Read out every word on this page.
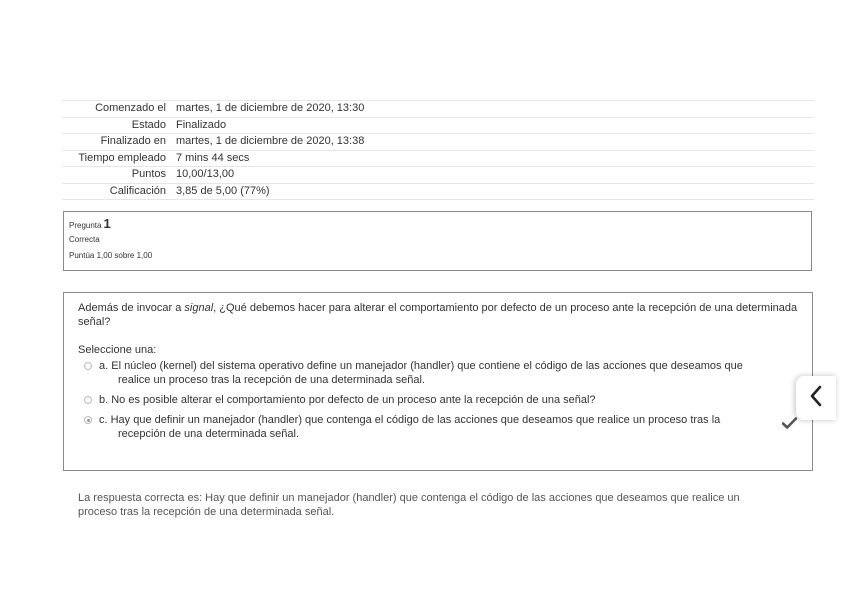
Comenzado el	martes, 1 de diciembre de 2020, 13:30
Estado	Finalizado
Finalizado en	martes, 1 de diciembre de 2020, 13:38
Tiempo empleado	7 mins 44 secs
Puntos	10,00/13,00
Calificación	3,85 de 5,00 (77%)
Pregunta 1
Correcta
Puntúa 1,00 sobre 1,00

Además de invocar a signal, ¿Qué debemos hacer para alterar el comportamiento por defecto de un proceso ante la recepción de una determinada señal?

Seleccione una:

a. El núcleo (kernel) del sistema operativo define un manejador (handler) que contiene el código de las acciones que deseamos que
realice un proceso tras la recepción de una determinada señal.
b. No es posible alterar el comportamiento por defecto de un proceso ante la recepción de una señal?
c. Hay que definir un manejador (handler) que contenga el código de las acciones que deseamos que realice un proceso tras la
recepción de una determinada señal.
La respuesta correcta es: Hay que definir un manejador (handler) que contenga el código de las acciones que deseamos que realice un proceso tras la recepción de una determinada señal.
